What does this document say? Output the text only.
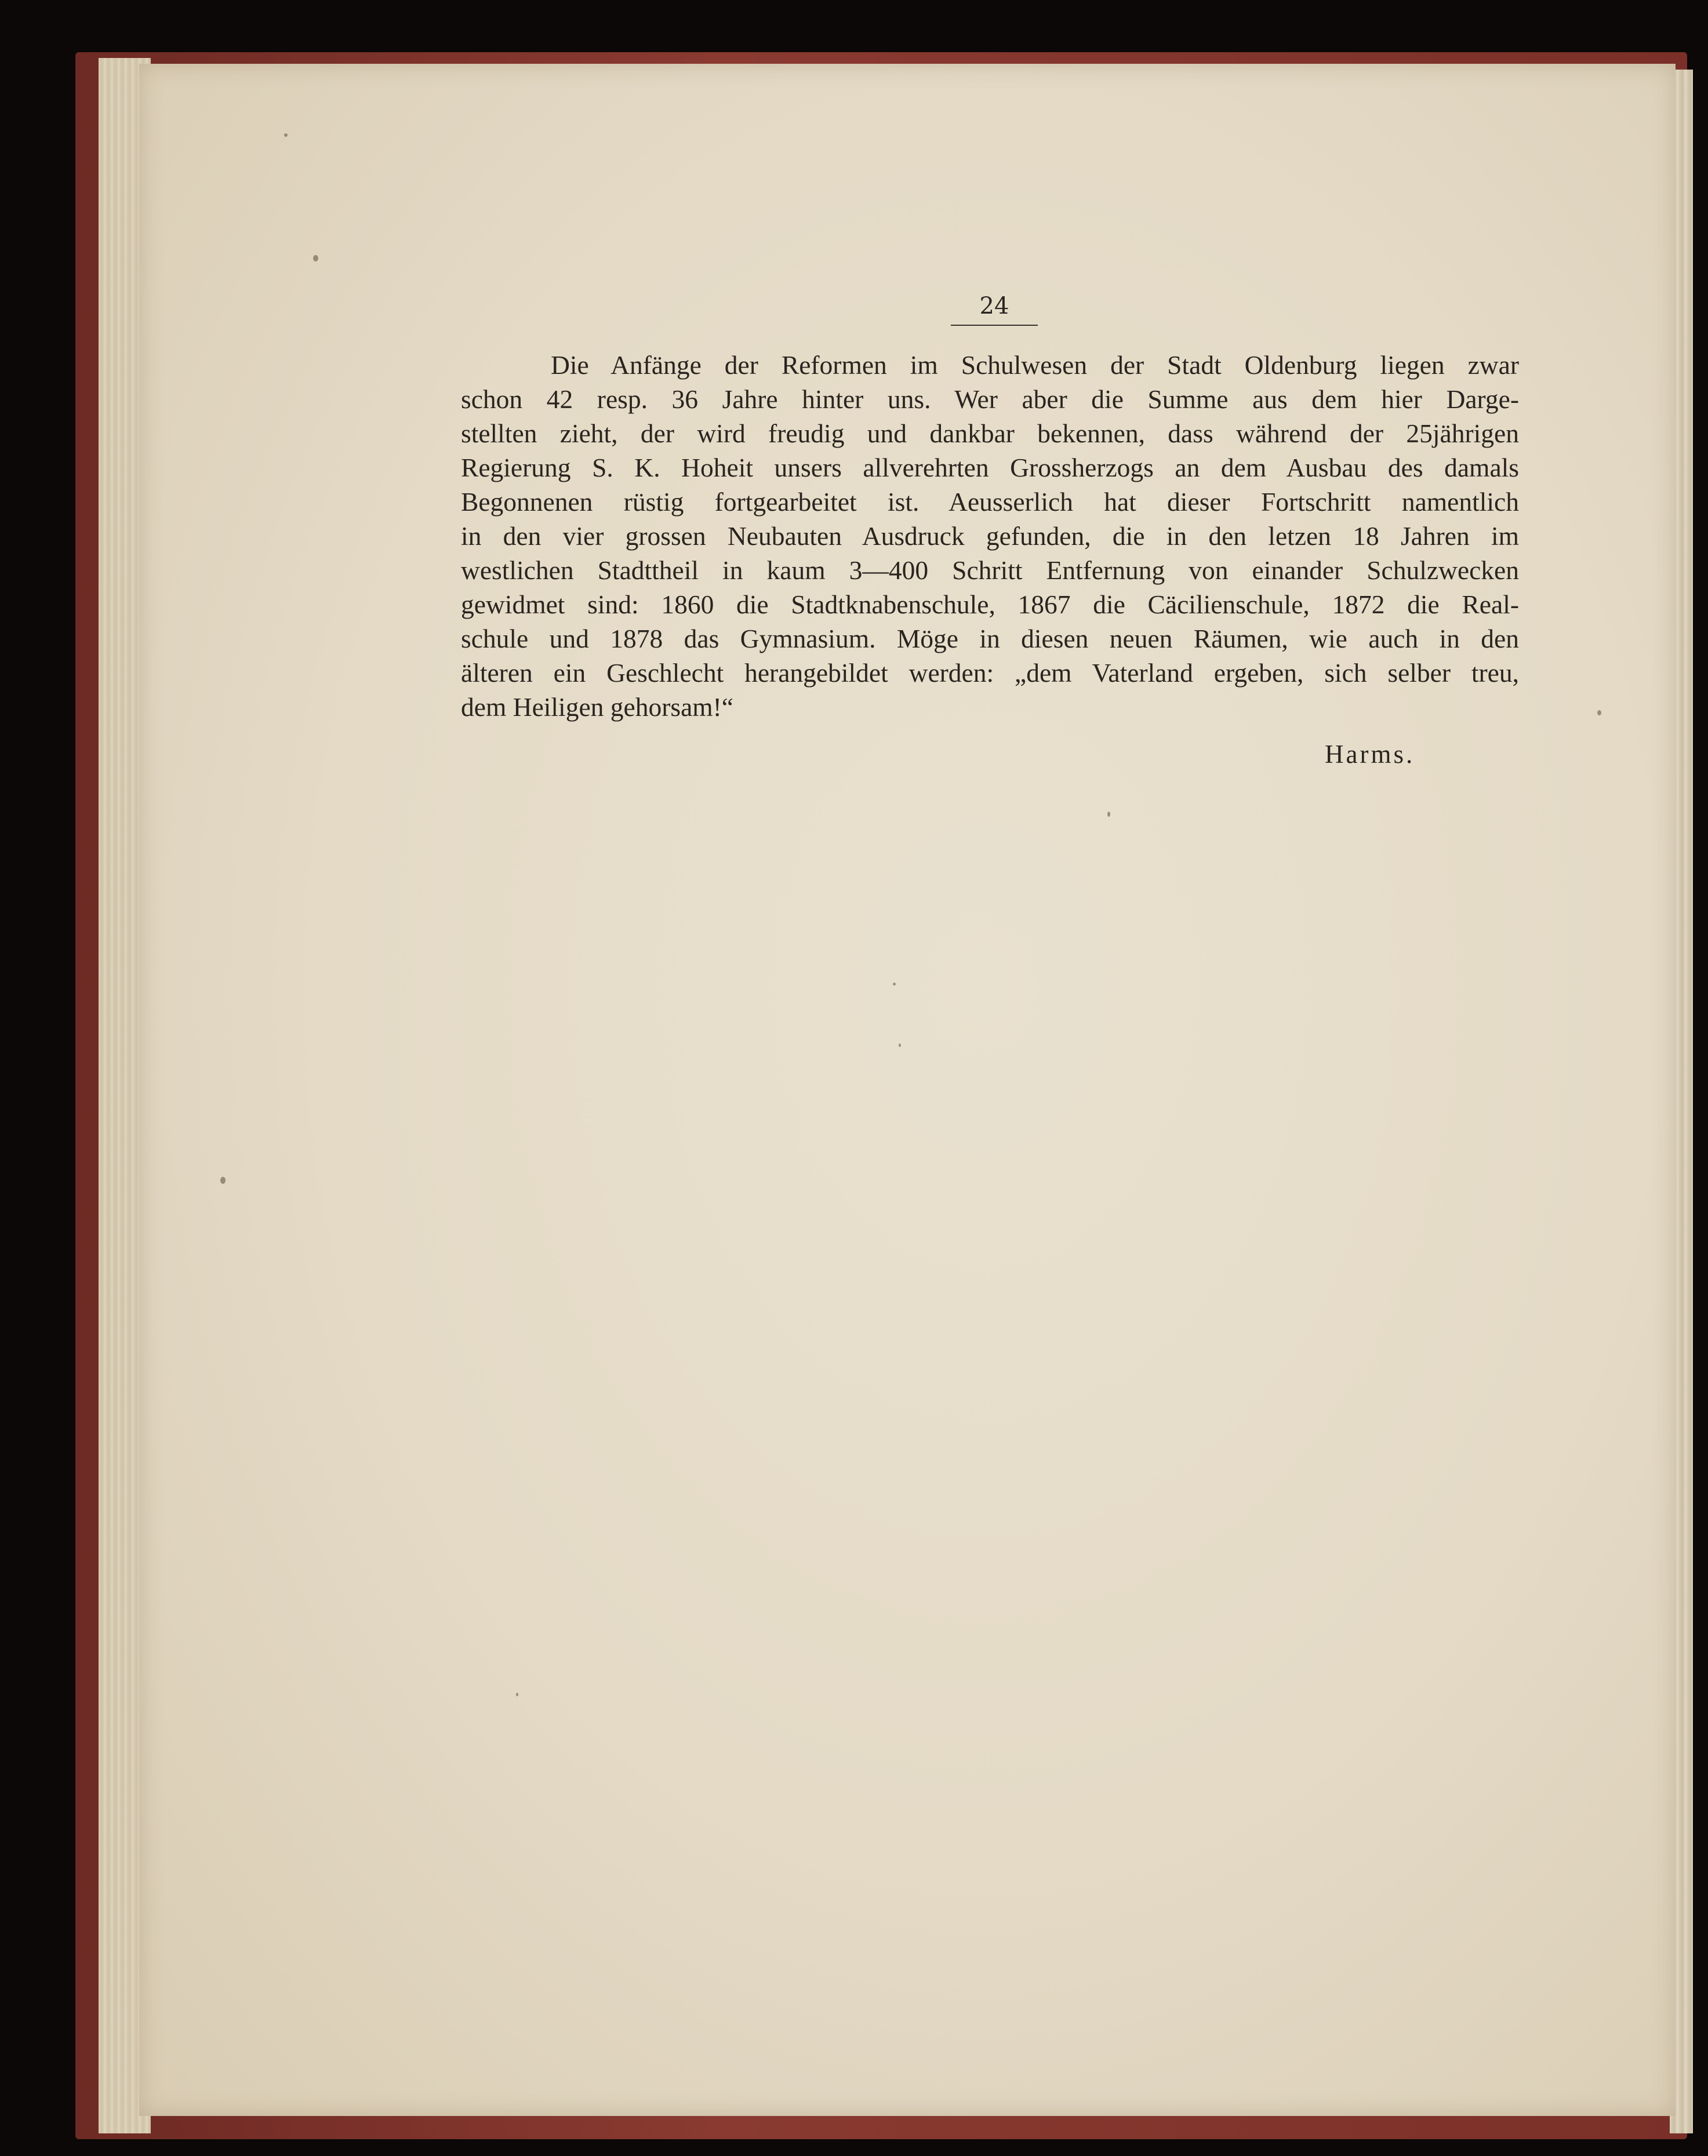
24
Die Anfänge der Reformen im Schulwesen der Stadt Oldenburg liegen zwar
schon 42 resp. 36 Jahre hinter uns. Wer aber die Summe aus dem hier Darge-
stellten zieht, der wird freudig und dankbar bekennen, dass während der 25jährigen
Regierung S. K. Hoheit unsers allverehrten Grossherzogs an dem Ausbau des damals
Begonnenen rüstig fortgearbeitet ist. Aeusserlich hat dieser Fortschritt namentlich
in den vier grossen Neubauten Ausdruck gefunden, die in den letzen 18 Jahren im
westlichen Stadttheil in kaum 3—400 Schritt Entfernung von einander Schulzwecken
gewidmet sind: 1860 die Stadtknabenschule, 1867 die Cäcilienschule, 1872 die Real-
schule und 1878 das Gymnasium. Möge in diesen neuen Räumen, wie auch in den
älteren ein Geschlecht herangebildet werden: „dem Vaterland ergeben, sich selber treu,
dem Heiligen gehorsam!“
Harms.
